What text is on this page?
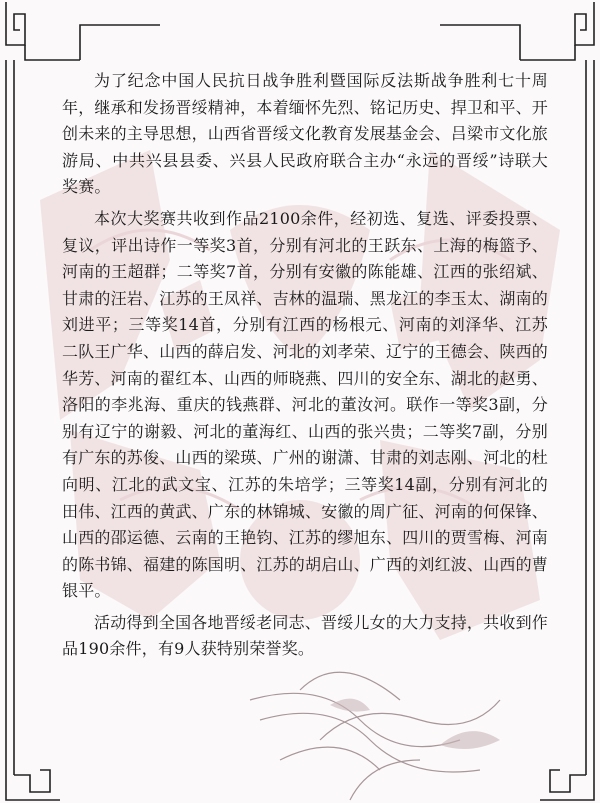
为了纪念中国人民抗日战争胜利暨国际反法斯战争胜利七十周年，继承和发扬晋绥精神，本着缅怀先烈、铭记历史、捍卫和平、开创未来的主导思想，山西省晋绥文化教育发展基金会、吕梁市文化旅游局、中共兴县县委、兴县人民政府联合主办“永远的晋绥”诗联大奖赛。

本次大奖赛共收到作品2100余件，经初选、复选、评委投票、复议，评出诗作一等奖3首，分别有河北的王跃东、上海的梅篮予、河南的王超群；二等奖7首，分别有安徽的陈能雄、江西的张绍斌、甘肃的汪岩、江苏的王凤祥、吉林的温瑞、黑龙江的李玉太、湖南的刘进平；三等奖14首，分别有江西的杨根元、河南的刘泽华、江苏二队王广华、山西的薛启发、河北的刘孝荣、辽宁的王德会、陕西的华芳、河南的翟红本、山西的师晓燕、四川的安全东、湖北的赵勇、洛阳的李兆海、重庆的钱燕群、河北的董汝河。联作一等奖3副，分别有辽宁的谢毅、河北的董海红、山西的张兴贵；二等奖7副，分别有广东的苏俊、山西的梁瑛、广州的谢潇、甘肃的刘志刚、河北的杜向明、江北的武文宝、江苏的朱培学；三等奖14副，分别有河北的田伟、江西的黄武、广东的林锦城、安徽的周广征、河南的何保锋、山西的邵运德、云南的王艳钧、江苏的缪旭东、四川的贾雪梅、河南的陈书锦、福建的陈国明、江苏的胡启山、广西的刘红波、山西的曹银平。

活动得到全国各地晋绥老同志、晋绥儿女的大力支持，共收到作品190余件，有9人获特别荣誉奖。
